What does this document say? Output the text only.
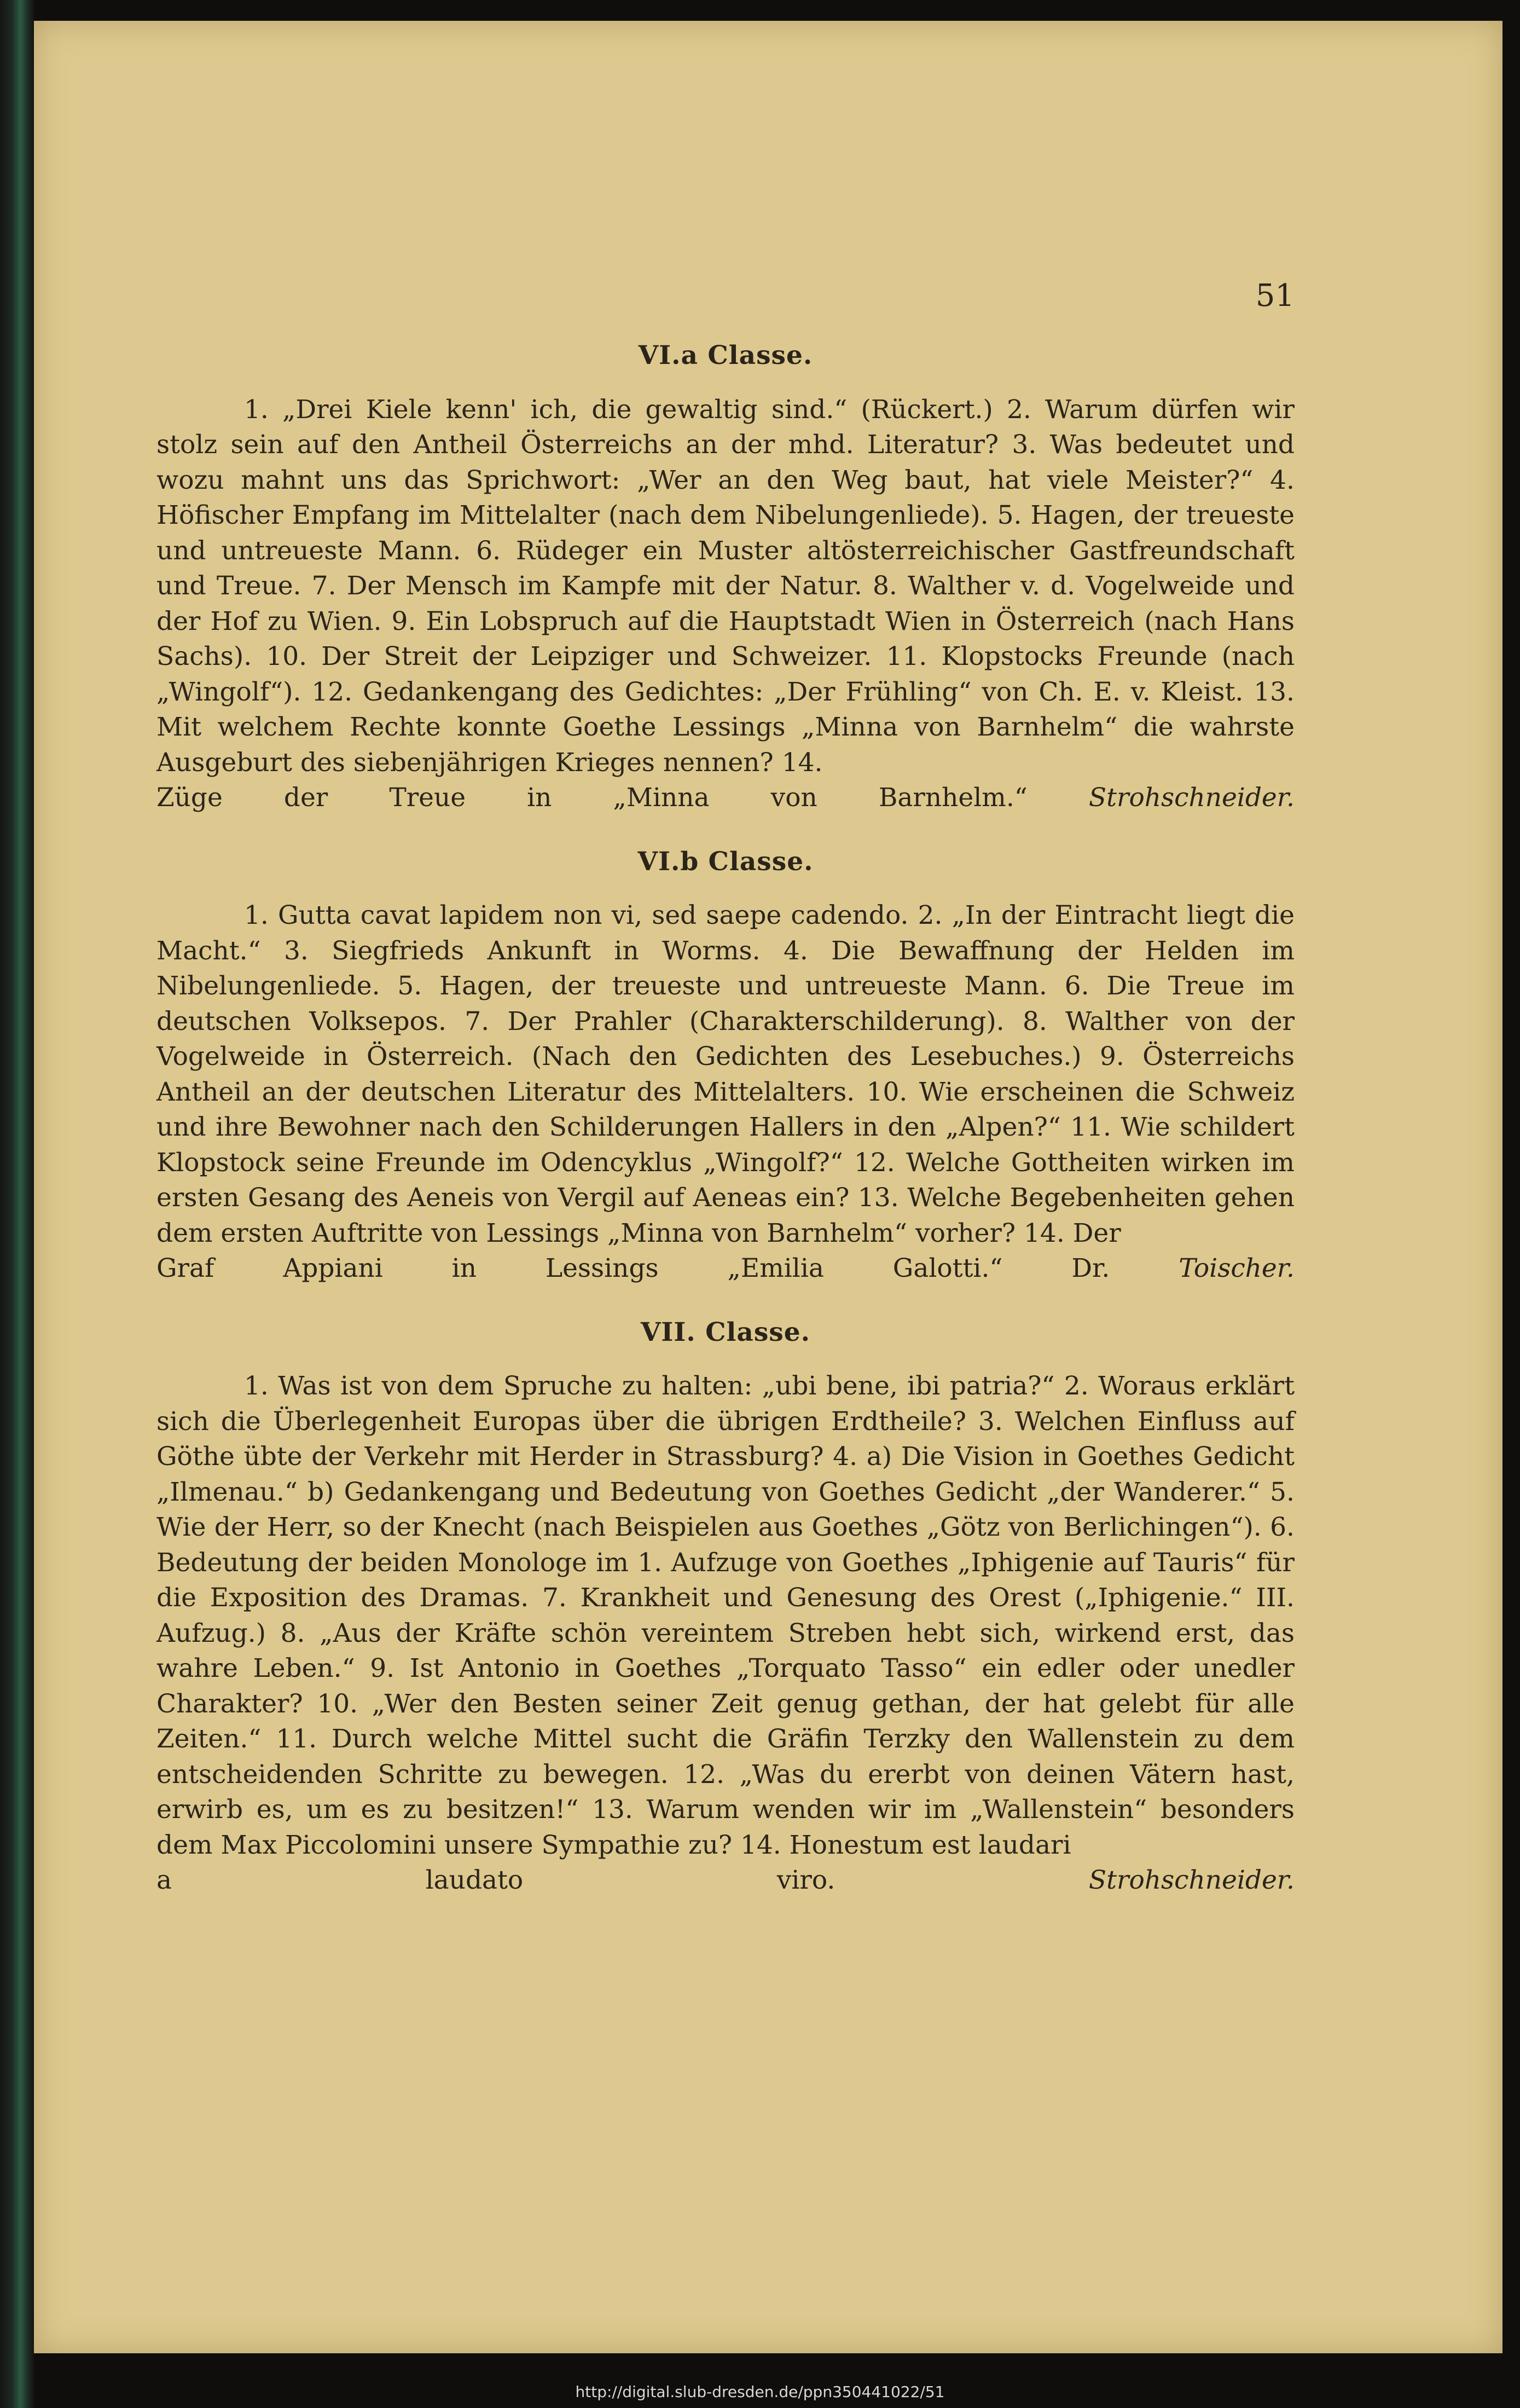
51
VI.a Classe.

1. „Drei Kiele kenn' ich, die gewaltig sind.“ (Rückert.) 2. Warum dürfen wir stolz sein auf den Antheil Österreichs an der mhd. Literatur? 3. Was bedeutet und wozu mahnt uns das Sprichwort: „Wer an den Weg baut, hat viele Meister?“ 4. Höfischer Empfang im Mittelalter (nach dem Nibelungenliede). 5. Hagen, der treueste und untreueste Mann. 6. Rüdeger ein Muster altösterreichischer Gastfreundschaft und Treue. 7. Der Mensch im Kampfe mit der Natur. 8. Walther v. d. Vogelweide und der Hof zu Wien. 9. Ein Lobspruch auf die Hauptstadt Wien in Österreich (nach Hans Sachs). 10. Der Streit der Leipziger und Schweizer. 11. Klopstocks Freunde (nach „Wingolf“). 12. Gedankengang des Gedichtes: „Der Frühling“ von Ch. E. v. Kleist. 13. Mit welchem Rechte konnte Goethe Lessings „Minna von Barnhelm“ die wahrste Ausgeburt des siebenjährigen Krieges nennen? 14.

Züge der Treue in „Minna von Barnhelm.“ Strohschneider.
VI.b Classe.

1. Gutta cavat lapidem non vi, sed saepe cadendo. 2. „In der Eintracht liegt die Macht.“ 3. Siegfrieds Ankunft in Worms. 4. Die Bewaffnung der Helden im Nibelungenliede. 5. Hagen, der treueste und untreueste Mann. 6. Die Treue im deutschen Volksepos. 7. Der Prahler (Charakterschilderung). 8. Walther von der Vogelweide in Österreich. (Nach den Gedichten des Lesebuches.) 9. Österreichs Antheil an der deutschen Literatur des Mittelalters. 10. Wie erscheinen die Schweiz und ihre Bewohner nach den Schilderungen Hallers in den „Alpen?“ 11. Wie schildert Klopstock seine Freunde im Odencyklus „Wingolf?“ 12. Welche Gottheiten wirken im ersten Gesang des Aeneis von Vergil auf Aeneas ein? 13. Welche Begebenheiten gehen dem ersten Auftritte von Lessings „Minna von Barnhelm“ vorher? 14. Der

Graf Appiani in Lessings „Emilia Galotti.“	Dr.	Toischer.
VII. Classe.

1. Was ist von dem Spruche zu halten: „ubi bene, ibi patria?“ 2. Woraus erklärt sich die Überlegenheit Europas über die übrigen Erdtheile? 3. Welchen Einfluss auf Göthe übte der Verkehr mit Herder in Strassburg? 4. a) Die Vision in Goethes Gedicht „Ilmenau.“ b) Gedankengang und Bedeutung von Goethes Gedicht „der Wanderer.“ 5. Wie der Herr, so der Knecht (nach Beispielen aus Goethes „Götz von Berlichingen“). 6. Bedeutung der beiden Monologe im 1. Aufzuge von Goethes „Iphigenie auf Tauris“ für die Exposition des Dramas. 7. Krankheit und Genesung des Orest („Iphigenie.“ III. Aufzug.) 8. „Aus der Kräfte schön vereintem Streben hebt sich, wirkend erst, das wahre Leben.“ 9. Ist Antonio in Goethes „Torquato Tasso“ ein edler oder unedler Charakter? 10. „Wer den Besten seiner Zeit genug gethan, der hat gelebt für alle Zeiten.“ 11. Durch welche Mittel sucht die Gräfin Terzky den Wallenstein zu dem entscheidenden Schritte zu bewegen. 12. „Was du ererbt von deinen Vätern hast, erwirb es, um es zu besitzen!“ 13. Warum wenden wir im „Wallenstein“ besonders dem Max Piccolomini unsere Sympathie zu? 14. Honestum est laudari

a laudato viro.	Strohschneider.
http://digital.slub-dresden.de/ppn350441022/51
